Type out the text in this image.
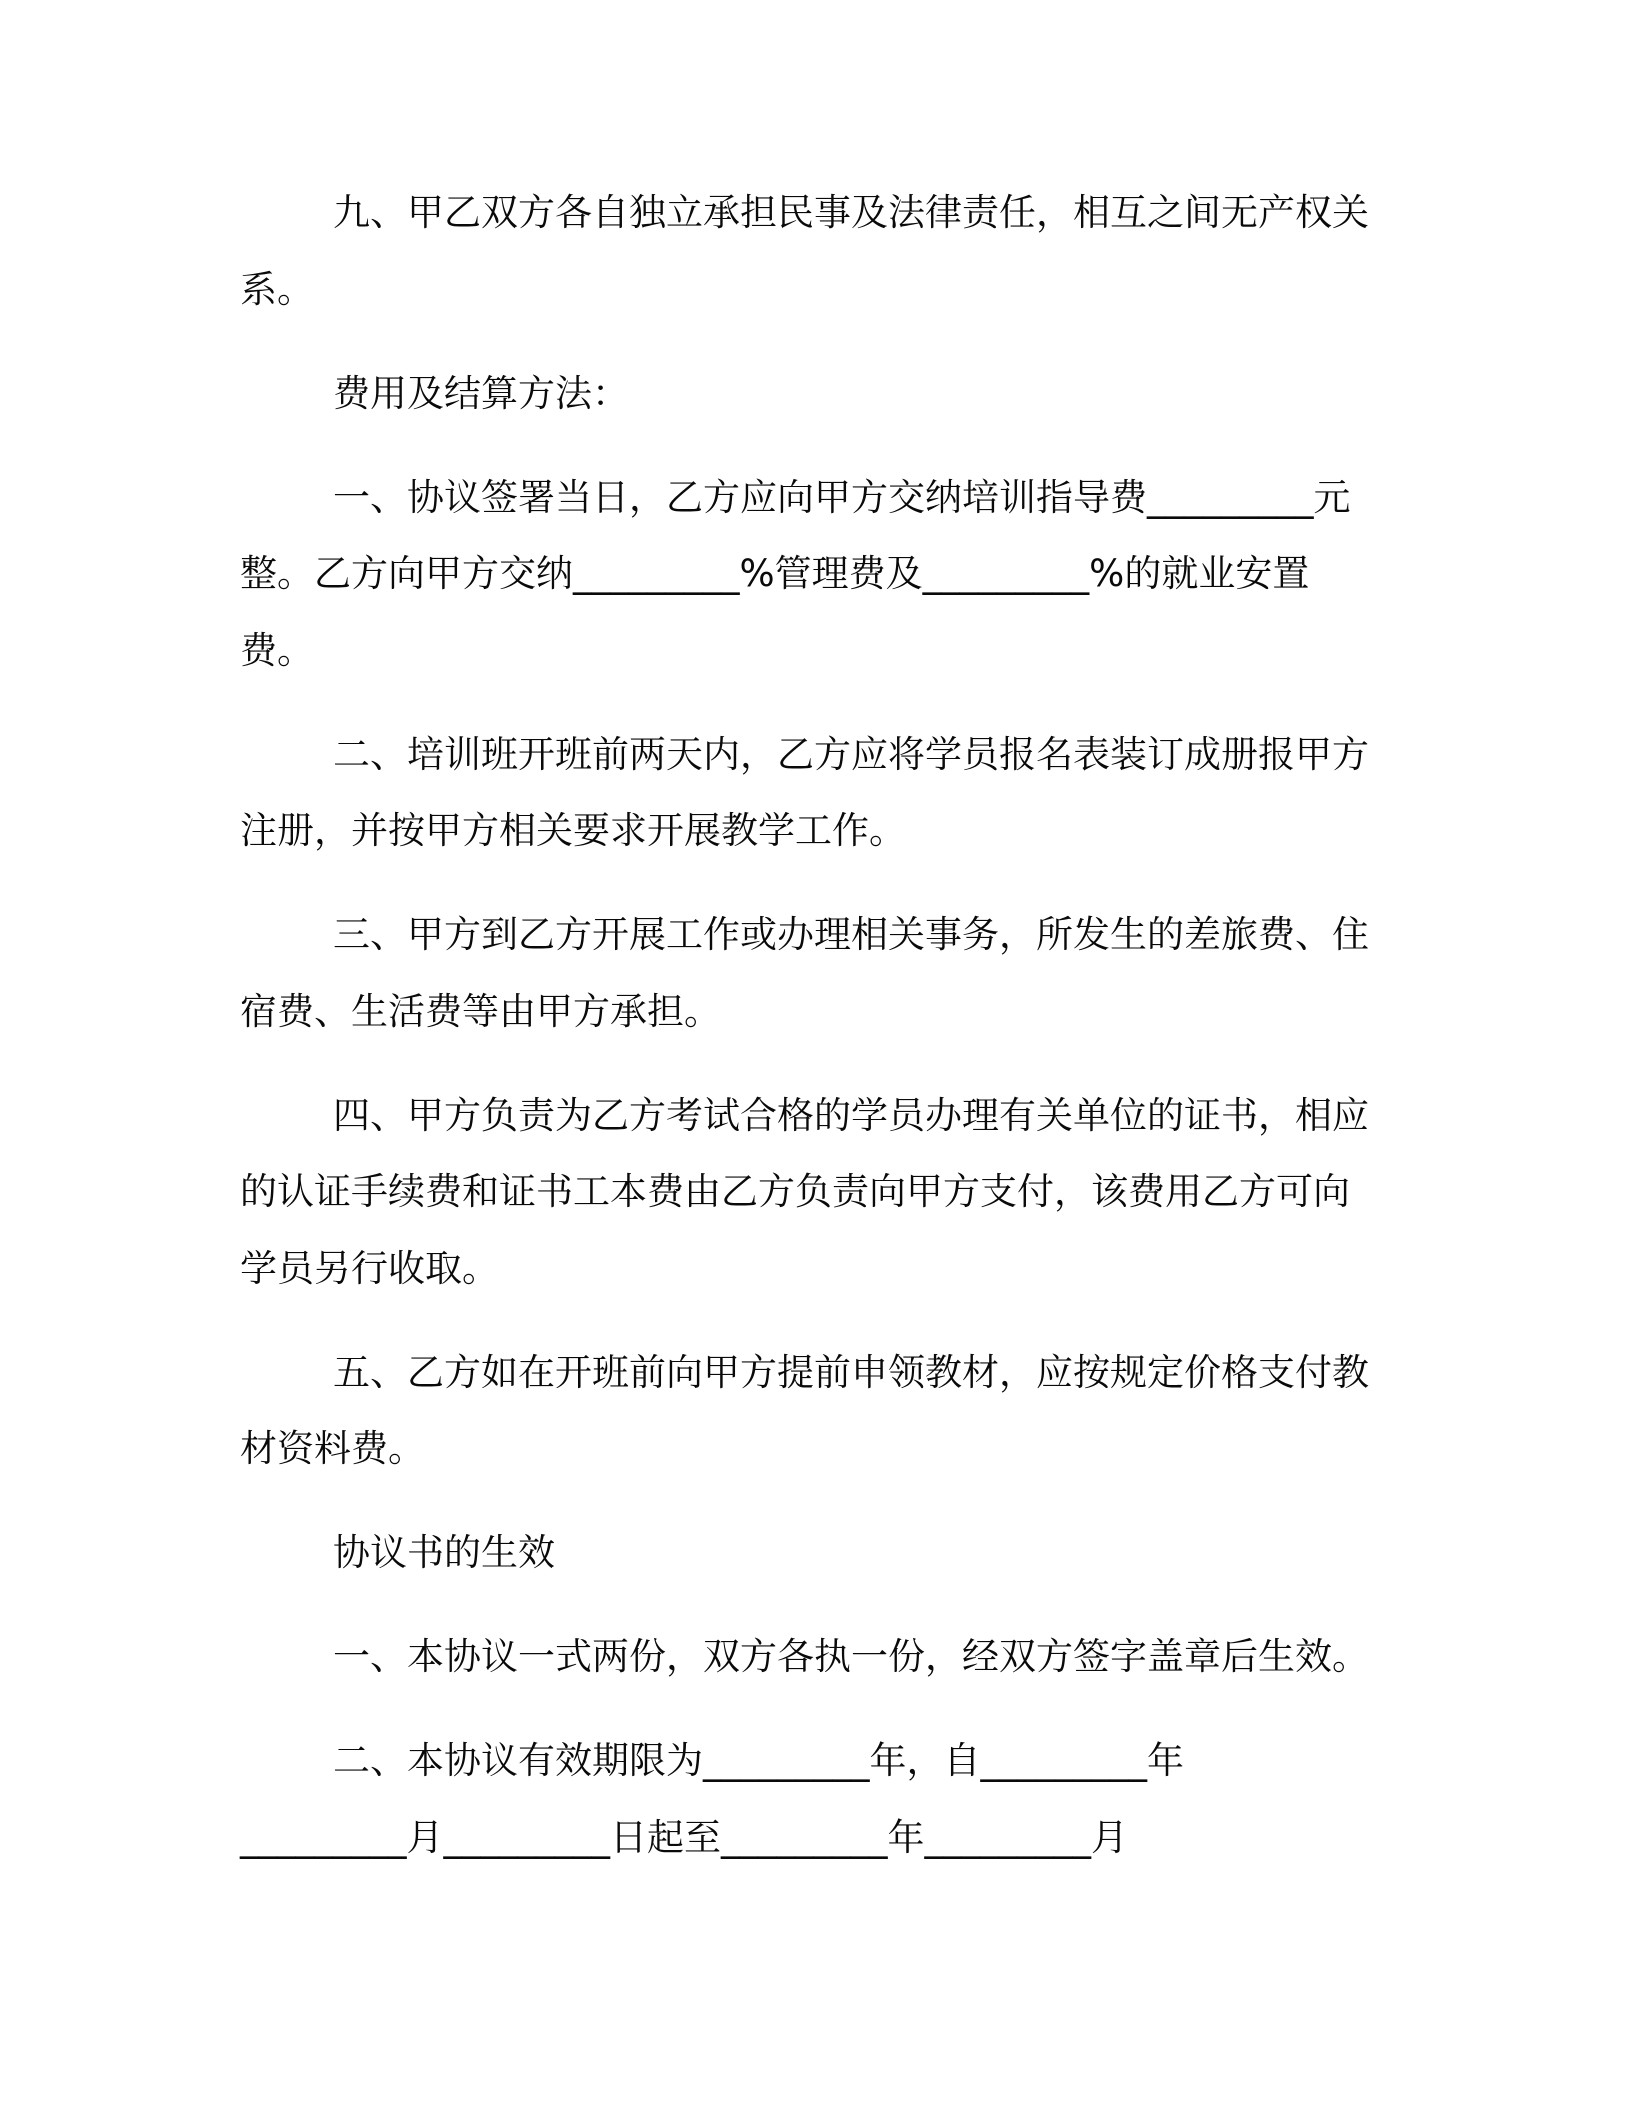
九、甲乙双方各自独立承担民事及法律责任，相互之间无产权关
系。
费用及结算方法：
一、协议签署当日，乙方应向甲方交纳培训指导费_________元
整。乙方向甲方交纳_________%管理费及_________%的就业安置
费。
二、培训班开班前两天内，乙方应将学员报名表装订成册报甲方
注册，并按甲方相关要求开展教学工作。
三、甲方到乙方开展工作或办理相关事务，所发生的差旅费、住
宿费、生活费等由甲方承担。
四、甲方负责为乙方考试合格的学员办理有关单位的证书，相应
的认证手续费和证书工本费由乙方负责向甲方支付，该费用乙方可向
学员另行收取。
五、乙方如在开班前向甲方提前申领教材，应按规定价格支付教
材资料费。
协议书的生效
一、本协议一式两份，双方各执一份，经双方签字盖章后生效。
二、本协议有效期限为_________年，自_________年
_________月_________日起至_________年_________月
